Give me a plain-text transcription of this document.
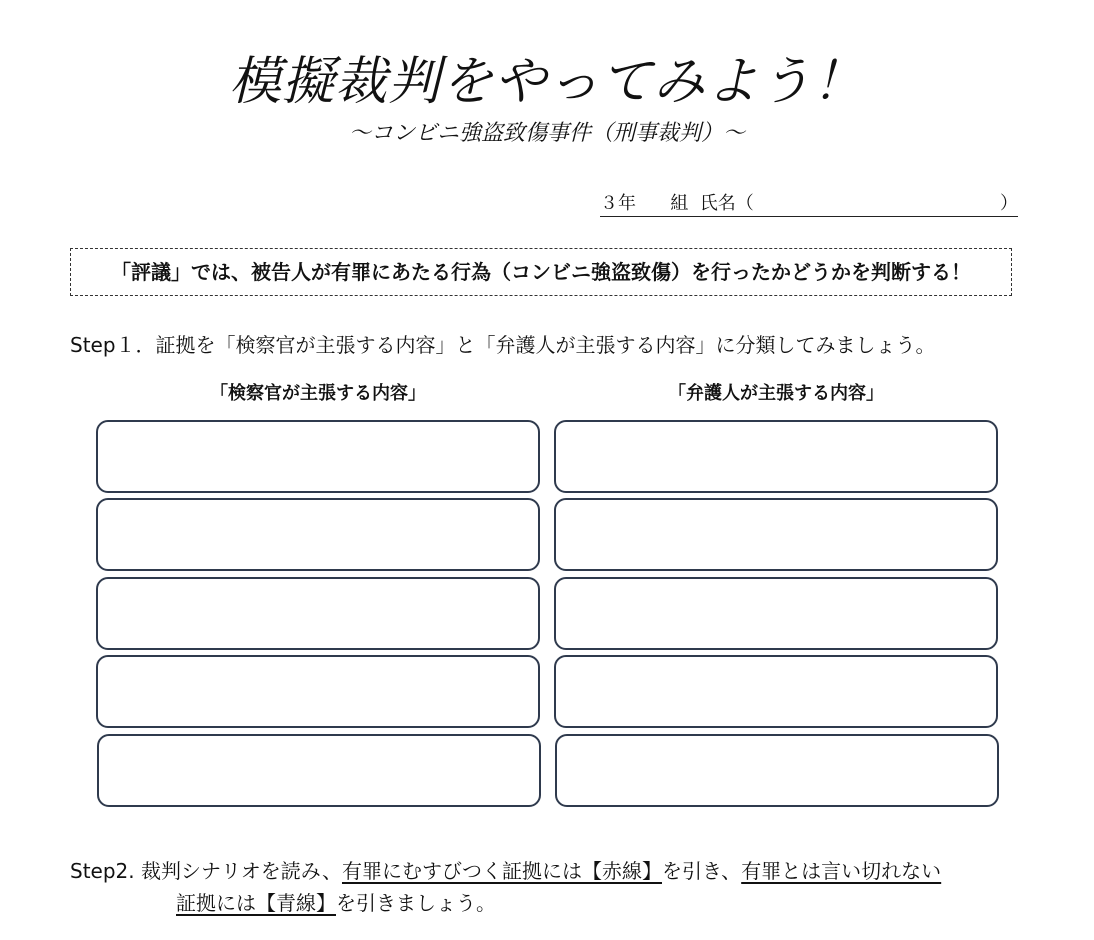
模擬裁判をやってみよう！
～コンビニ強盗致傷事件（刑事裁判）～
３年 組 氏名（	）
「評議」では、被告人が有罪にあたる行為（コンビニ強盗致傷）を行ったかどうかを判断する！
Step１．証拠を「検察官が主張する内容」と「弁護人が主張する内容」に分類してみましょう。
「検察官が主張する内容」	「弁護人が主張する内容」
Step2. 裁判シナリオを読み、有罪にむすびつく証拠には【赤線】を引き、有罪とは言い切れない
証拠には【青線】を引きましょう。
